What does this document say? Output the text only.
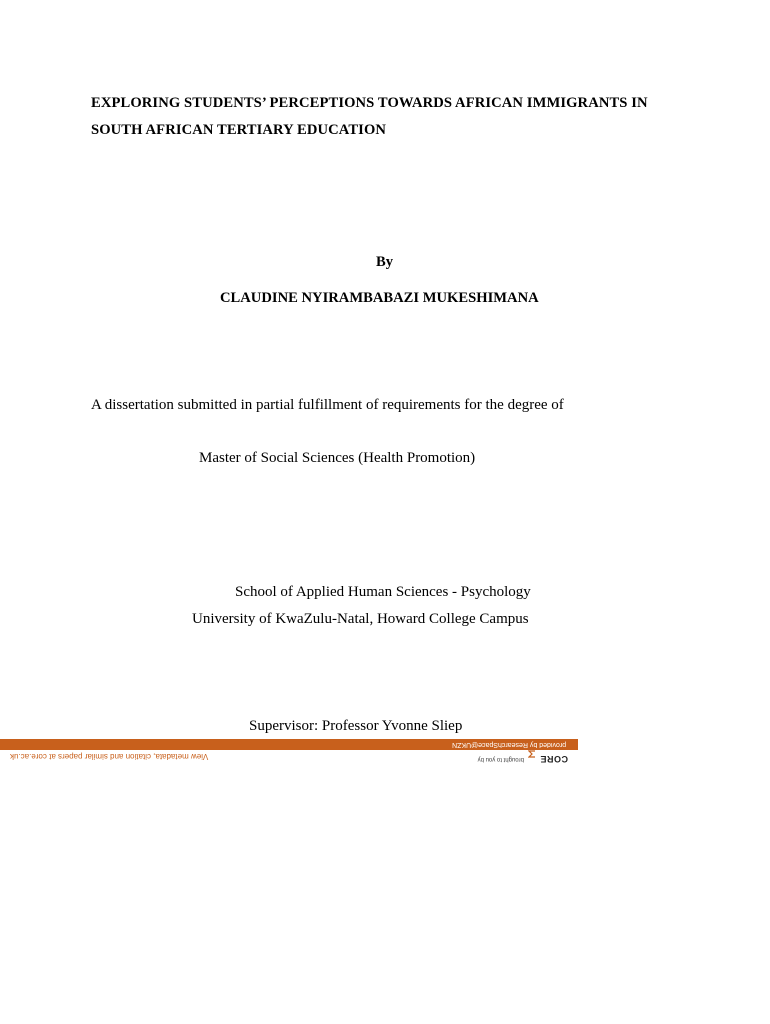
EXPLORING STUDENTS’ PERCEPTIONS TOWARDS AFRICAN IMMIGRANTS IN
SOUTH AFRICAN TERTIARY EDUCATION
By
CLAUDINE NYIRAMBABAZI MUKESHIMANA
A dissertation submitted in partial fulfillment of requirements for the degree of
Master of Social Sciences (Health Promotion)
School of Applied Human Sciences - Psychology
University of KwaZulu-Natal, Howard College Campus
Supervisor: Professor Yvonne Sliep
provided by ResearchSpace@UKZN
View metadata, citation and similar papers at core.ac.uk	CORE
brought to you by
